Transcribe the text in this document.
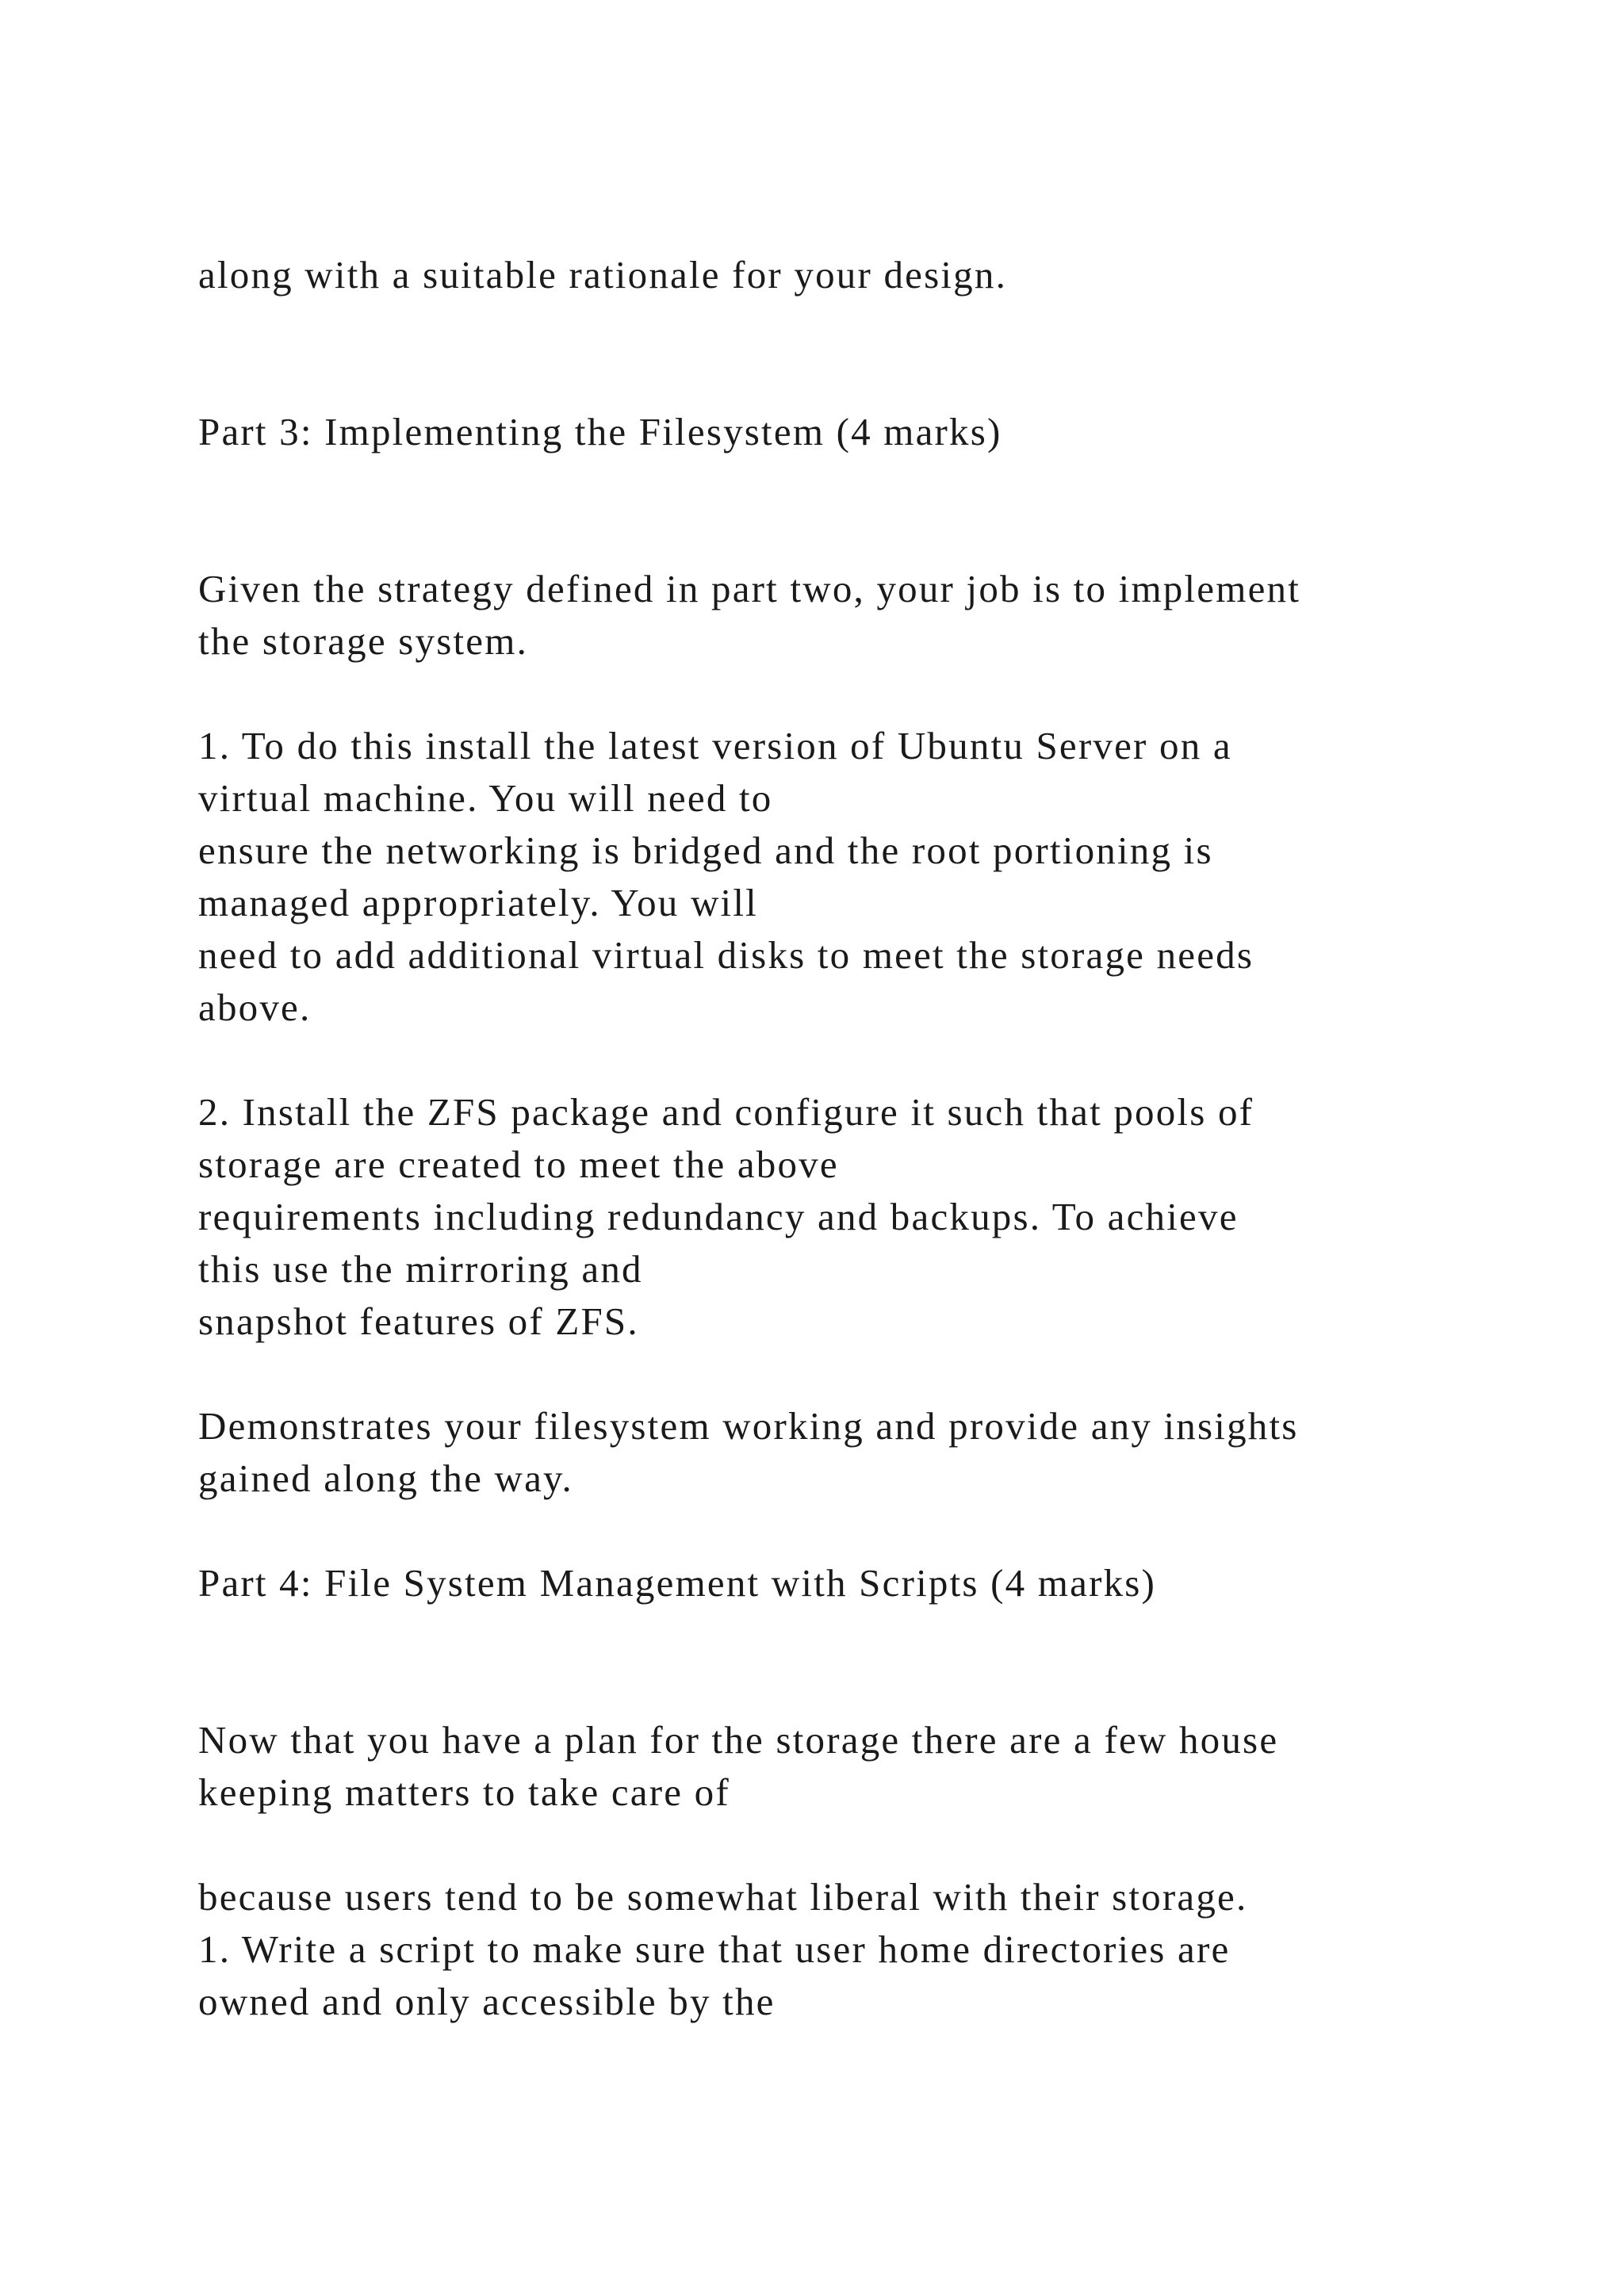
along with a suitable rationale for your design.

Part 3: Implementing the Filesystem (4 marks)

Given the strategy defined in part two, your job is to implement

the storage system.

1. To do this install the latest version of Ubuntu Server on a

virtual machine. You will need to

ensure the networking is bridged and the root portioning is

managed appropriately. You will

need to add additional virtual disks to meet the storage needs

above.

2. Install the ZFS package and configure it such that pools of

storage are created to meet the above

requirements including redundancy and backups. To achieve

this use the mirroring and

snapshot features of ZFS.

Demonstrates your filesystem working and provide any insights

gained along the way.

Part 4: File System Management with Scripts (4 marks)

Now that you have a plan for the storage there are a few house

keeping matters to take care of

because users tend to be somewhat liberal with their storage.

1. Write a script to make sure that user home directories are

owned and only accessible by the
